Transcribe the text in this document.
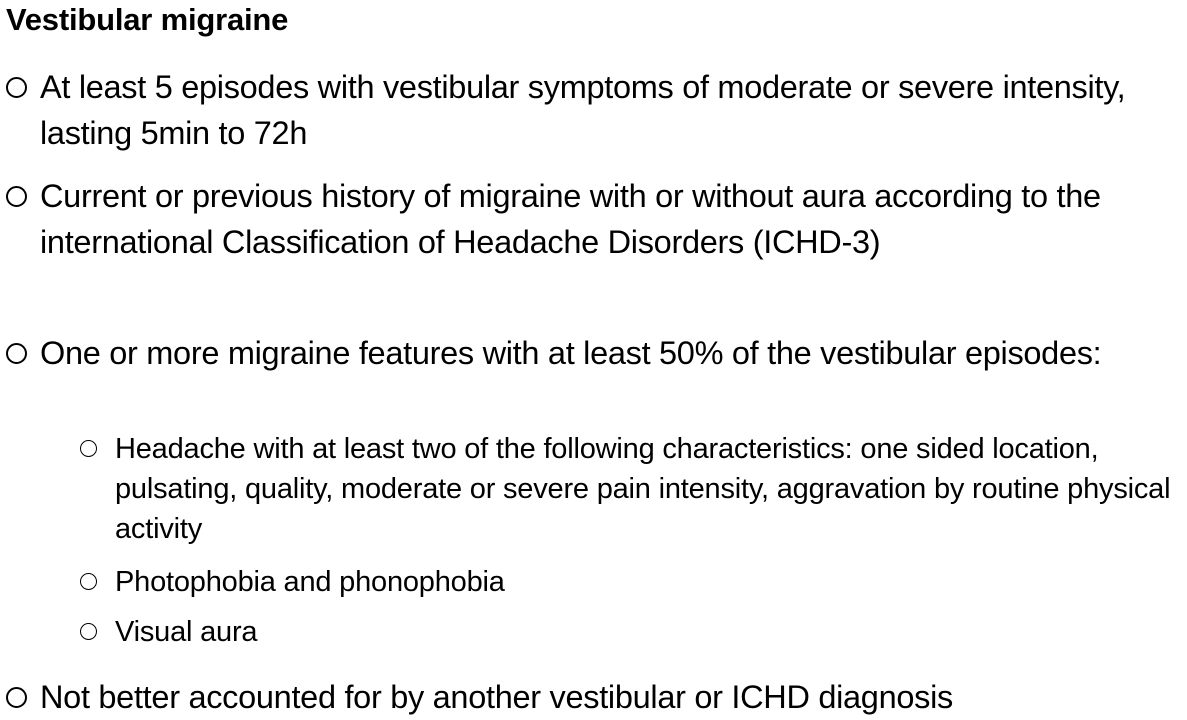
Vestibular migraine
At least 5 episodes with vestibular symptoms of moderate or severe intensity, lasting 5min to 72h
Current or previous history of migraine with or without aura according to the international Classification of Headache Disorders (ICHD-3)
One or more migraine features with at least 50% of the vestibular episodes:
Headache with at least two of the following characteristics: one sided location, pulsating, quality, moderate or severe pain intensity, aggravation by routine physical activity
Photophobia and phonophobia
Visual aura
Not better accounted for by another vestibular or ICHD diagnosis
